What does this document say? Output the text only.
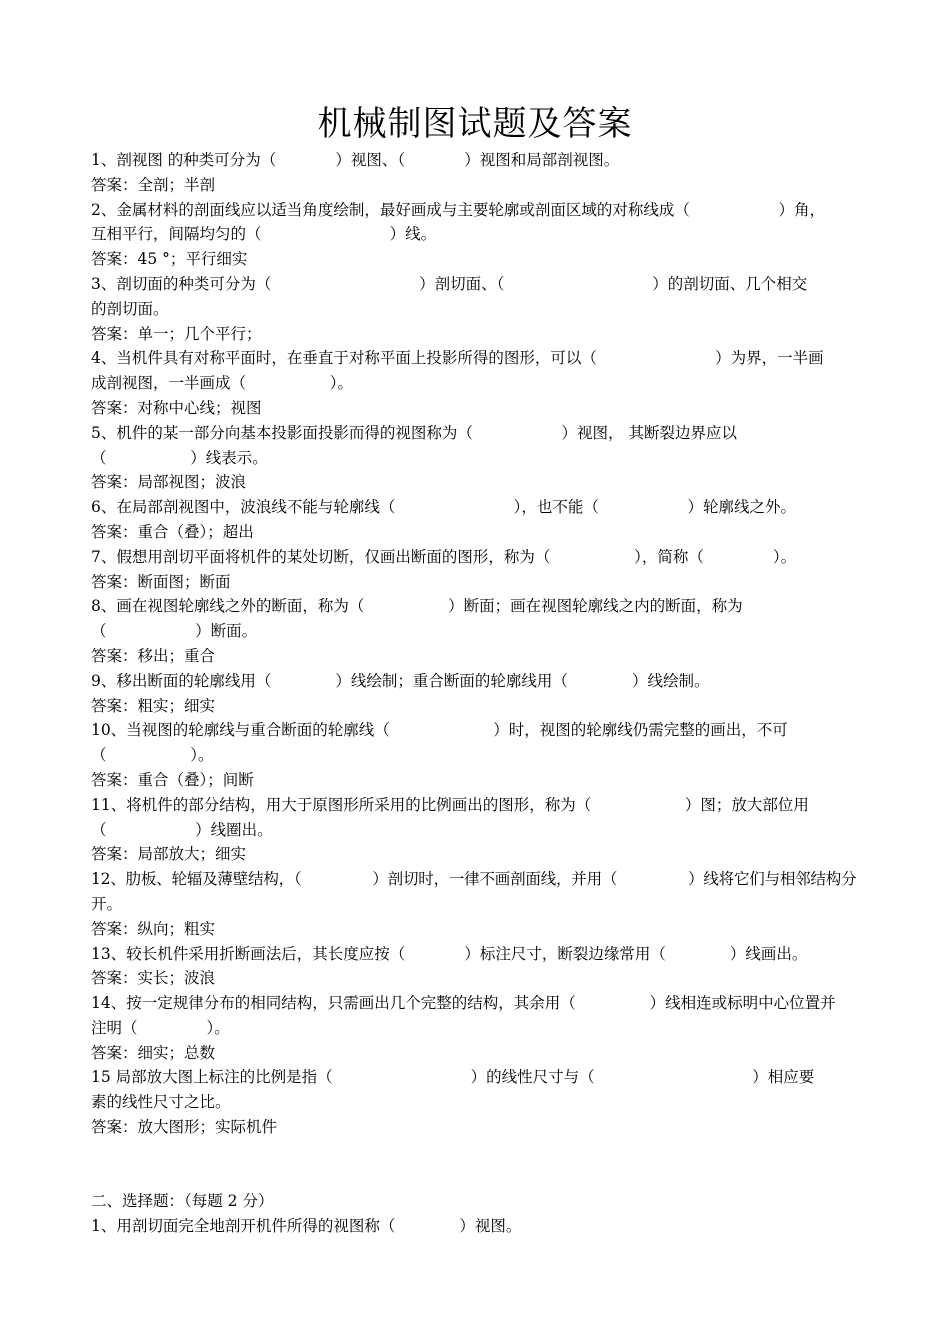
机械制图试题及答案
1、剖视图 的种类可分为（            ）视图、（            ）视图和局部剖视图。
答案：全剖；半剖
2、金属材料的剖面线应以适当角度绘制，最好画成与主要轮廓或剖面区域的对称线成（                  ）角，
互相平行，间隔均匀的（                          ）线。
答案：45 °；平行细实
3、剖切面的种类可分为（                              ）剖切面、（                              ）的剖切面、几个相交
的剖切面。
答案：单一；几个平行；
4、当机件具有对称平面时，在垂直于对称平面上投影所得的图形，可以（                        ）为界，一半画
成剖视图，一半画成（                 ）。
答案：对称中心线；视图
5、机件的某一部分向基本投影面投影而得的视图称为（                  ）视图， 其断裂边界应以
（                 ）线表示。
答案：局部视图；波浪
6、在局部剖视图中，波浪线不能与轮廓线（                        ），也不能（                  ）轮廓线之外。
答案：重合（叠）；超出
7、假想用剖切平面将机件的某处切断，仅画出断面的图形，称为（                 ），简称（              ）。
答案：断面图；断面
8、画在视图轮廓线之外的断面，称为（                 ）断面；画在视图轮廓线之内的断面，称为
（                  ）断面。
答案：移出；重合
9、移出断面的轮廓线用（             ）线绘制；重合断面的轮廓线用（             ）线绘制。
答案：粗实；细实
10、当视图的轮廓线与重合断面的轮廓线（                     ）时，视图的轮廓线仍需完整的画出，不可
（                 ）。
答案：重合（叠）；间断
11、将机件的部分结构，用大于原图形所采用的比例画出的图形，称为（                   ）图；放大部位用
（                  ）线圈出。
答案：局部放大；细实
12、肋板、轮辐及薄壁结构，（               ）剖切时，一律不画剖面线，并用（               ）线将它们与相邻结构分
开。
答案：纵向；粗实
13、较长机件采用折断画法后，其长度应按（            ）标注尺寸，断裂边缘常用（             ）线画出。
答案：实长；波浪
14、按一定规律分布的相同结构，只需画出几个完整的结构，其余用（               ）线相连或标明中心位置并
注明（              ）。
答案：细实；总数
15 局部放大图上标注的比例是指（                            ）的线性尺寸与（                                ）相应要
素的线性尺寸之比。
答案：放大图形；实际机件
二、选择题：（每题 2 分）
1、用剖切面完全地剖开机件所得的视图称（             ）视图。
